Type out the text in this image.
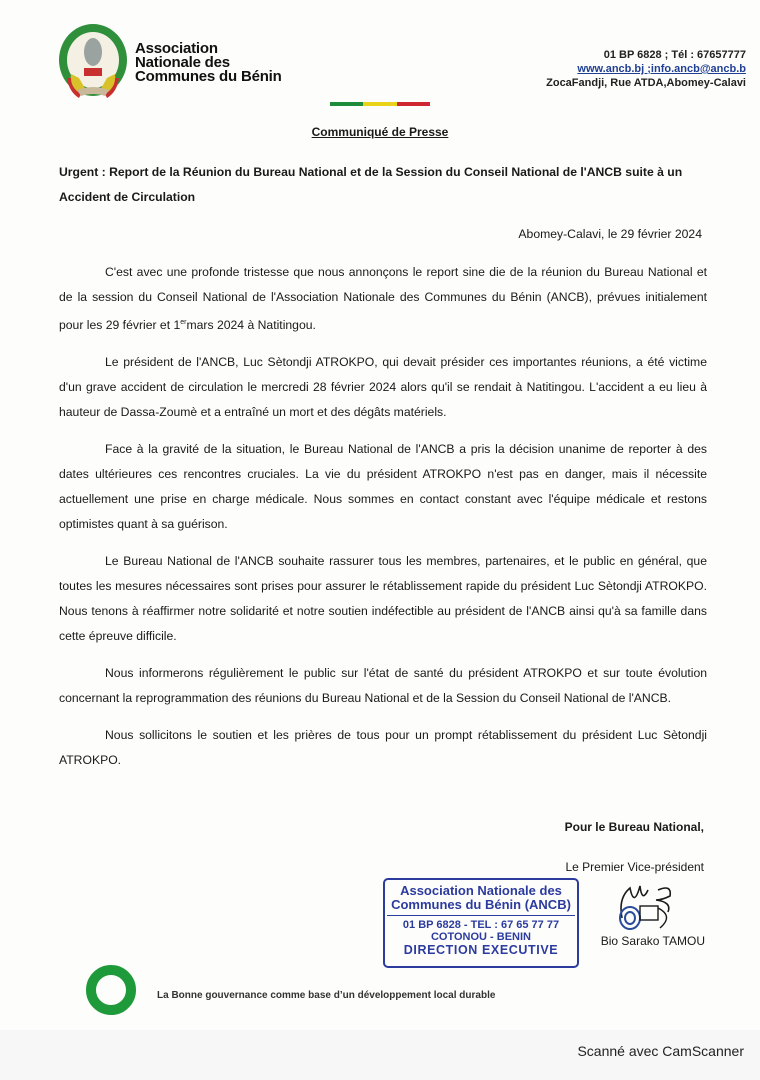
Association
Nationale des
Communes du Bénin
01 BP 6828 ; Tél : 67657777
www.ancb.bj ;info.ancb@ancb.b
ZocaFandji, Rue ATDA,Abomey-Calavi
Communiqué de Presse
Urgent : Report de la Réunion du Bureau National et de la Session du Conseil National de l'ANCB suite à un Accident de Circulation
Abomey-Calavi, le 29 février 2024

C'est avec une profonde tristesse que nous annonçons le report sine die de la réunion du Bureau National et de la session du Conseil National de l'Association Nationale des Communes du Bénin (ANCB), prévues initialement pour les 29 février et 1ermars 2024 à Natitingou.

Le président de l'ANCB, Luc Sètondji ATROKPO, qui devait présider ces importantes réunions, a été victime d'un grave accident de circulation le mercredi 28 février 2024 alors qu'il se rendait à Natitingou. L'accident a eu lieu à hauteur de Dassa-Zoumè et a entraîné un mort et des dégâts matériels.

Face à la gravité de la situation, le Bureau National de l'ANCB a pris la décision unanime de reporter à des dates ultérieures ces rencontres cruciales. La vie du président ATROKPO n'est pas en danger, mais il nécessite actuellement une prise en charge médicale. Nous sommes en contact constant avec l'équipe médicale et restons optimistes quant à sa guérison.

Le Bureau National de l'ANCB souhaite rassurer tous les membres, partenaires, et le public en général, que toutes les mesures nécessaires sont prises pour assurer le rétablissement rapide du président Luc Sètondji ATROKPO. Nous tenons à réaffirmer notre solidarité et notre soutien indéfectible au président de l'ANCB ainsi qu'à sa famille dans cette épreuve difficile.

Nous informerons régulièrement le public sur l'état de santé du président ATROKPO et sur toute évolution concernant la reprogrammation des réunions du Bureau National et de la Session du Conseil National de l'ANCB.

Nous sollicitons le soutien et les prières de tous pour un prompt rétablissement du président Luc Sètondji ATROKPO.

Pour le Bureau National,
Le Premier Vice-président
Bio Sarako TAMOU
Association Nationale des
Communes du Bénin (ANCB)
01 BP 6828 - TEL : 67 65 77 77
COTONOU - BENIN
DIRECTION EXECUTIVE
La Bonne gouvernance comme base d’un développement local durable
Scanné avec CamScanner
